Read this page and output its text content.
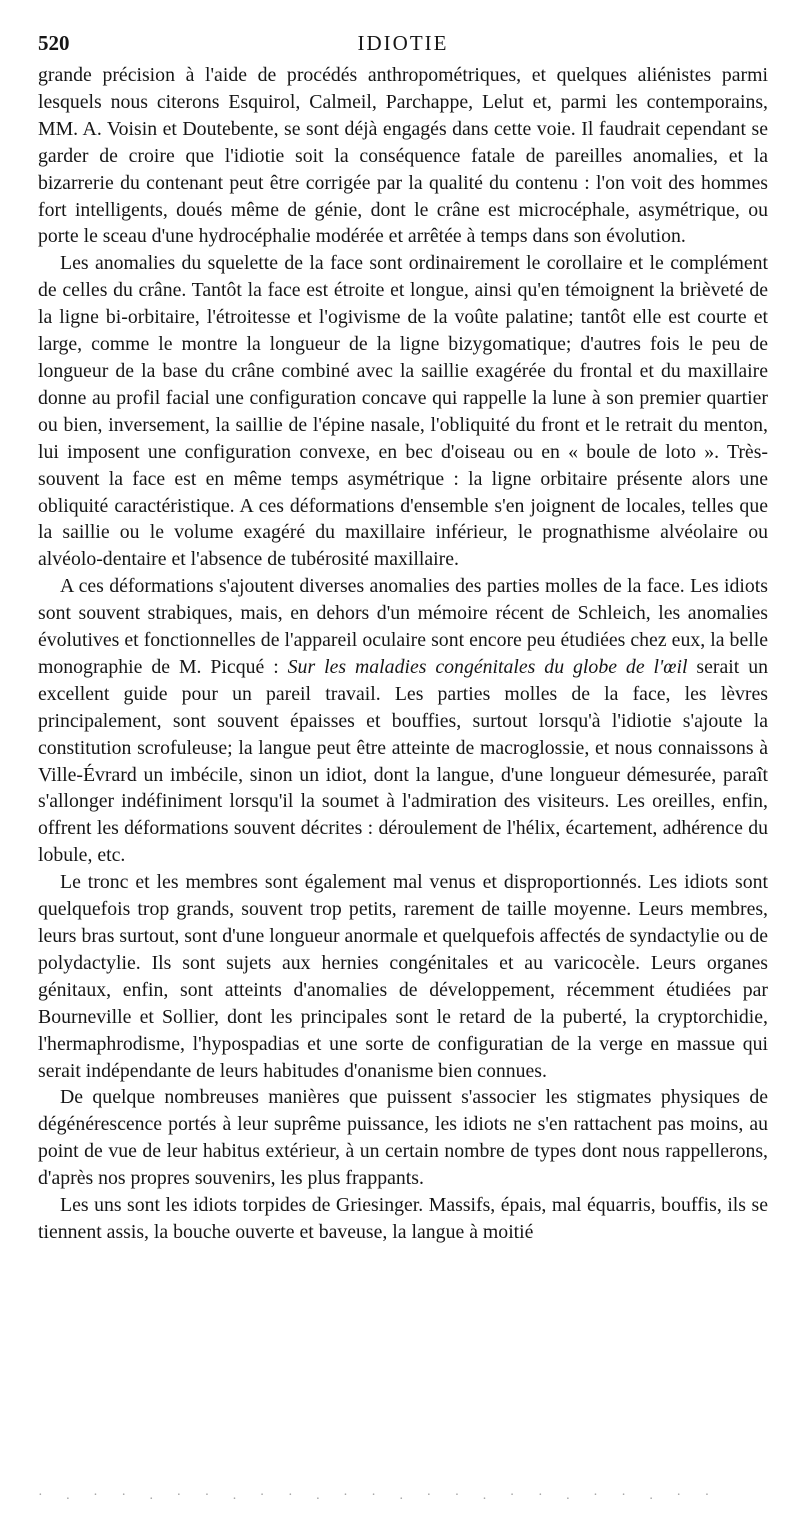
520	IDIOTIE

grande précision à l'aide de procédés anthropométriques, et quelques aliénistes parmi lesquels nous citerons Esquirol, Calmeil, Parchappe, Lelut et, parmi les contemporains, MM. A. Voisin et Doutebente, se sont déjà engagés dans cette voie. Il faudrait cependant se garder de croire que l'idiotie soit la conséquence fatale de pareilles anomalies, et la bizarrerie du contenant peut être corrigée par la qualité du contenu : l'on voit des hommes fort intelligents, doués même de génie, dont le crâne est microcéphale, asymétrique, ou porte le sceau d'une hydrocéphalie modérée et arrêtée à temps dans son évolution.

Les anomalies du squelette de la face sont ordinairement le corollaire et le complément de celles du crâne. Tantôt la face est étroite et longue, ainsi qu'en témoignent la brièveté de la ligne bi-orbitaire, l'étroitesse et l'ogivisme de la voûte palatine; tantôt elle est courte et large, comme le montre la longueur de la ligne bizygomatique; d'autres fois le peu de longueur de la base du crâne combiné avec la saillie exagérée du frontal et du maxillaire donne au profil facial une configuration concave qui rappelle la lune à son premier quartier ou bien, inversement, la saillie de l'épine nasale, l'obliquité du front et le retrait du menton, lui imposent une configuration convexe, en bec d'oiseau ou en « boule de loto ». Très-souvent la face est en même temps asymétrique : la ligne orbitaire présente alors une obliquité caractéristique. A ces déformations d'ensemble s'en joignent de locales, telles que la saillie ou le volume exagéré du maxillaire inférieur, le prognathisme alvéolaire ou alvéolo-dentaire et l'absence de tubérosité maxillaire.

A ces déformations s'ajoutent diverses anomalies des parties molles de la face. Les idiots sont souvent strabiques, mais, en dehors d'un mémoire récent de Schleich, les anomalies évolutives et fonctionnelles de l'appareil oculaire sont encore peu étudiées chez eux, la belle monographie de M. Picqué : Sur les maladies congénitales du globe de l'œil serait un excellent guide pour un pareil travail. Les parties molles de la face, les lèvres principalement, sont souvent épaisses et bouffies, surtout lorsqu'à l'idiotie s'ajoute la constitution scrofuleuse; la langue peut être atteinte de macroglossie, et nous connaissons à Ville-Évrard un imbécile, sinon un idiot, dont la langue, d'une longueur démesurée, paraît s'allonger indéfiniment lorsqu'il la soumet à l'admiration des visiteurs. Les oreilles, enfin, offrent les déformations souvent décrites : déroulement de l'hélix, écartement, adhérence du lobule, etc.

Le tronc et les membres sont également mal venus et disproportionnés. Les idiots sont quelquefois trop grands, souvent trop petits, rarement de taille moyenne. Leurs membres, leurs bras surtout, sont d'une longueur anormale et quelquefois affectés de syndactylie ou de polydactylie. Ils sont sujets aux hernies congénitales et au varicocèle. Leurs organes génitaux, enfin, sont atteints d'anomalies de développement, récemment étudiées par Bourneville et Sollier, dont les principales sont le retard de la puberté, la cryptorchidie, l'hermaphrodisme, l'hypospadias et une sorte de configuratian de la verge en massue qui serait indépendante de leurs habitudes d'onanisme bien connues.

De quelque nombreuses manières que puissent s'associer les stigmates physiques de dégénérescence portés à leur suprême puissance, les idiots ne s'en rattachent pas moins, au point de vue de leur habitus extérieur, à un certain nombre de types dont nous rappellerons, d'après nos propres souvenirs, les plus frappants.

Les uns sont les idiots torpides de Griesinger. Massifs, épais, mal équarris, bouffis, ils se tiennent assis, la bouche ouverte et baveuse, la langue à moitié

· . · · . · · . · · . · · . · · . · · . · · . · ·
